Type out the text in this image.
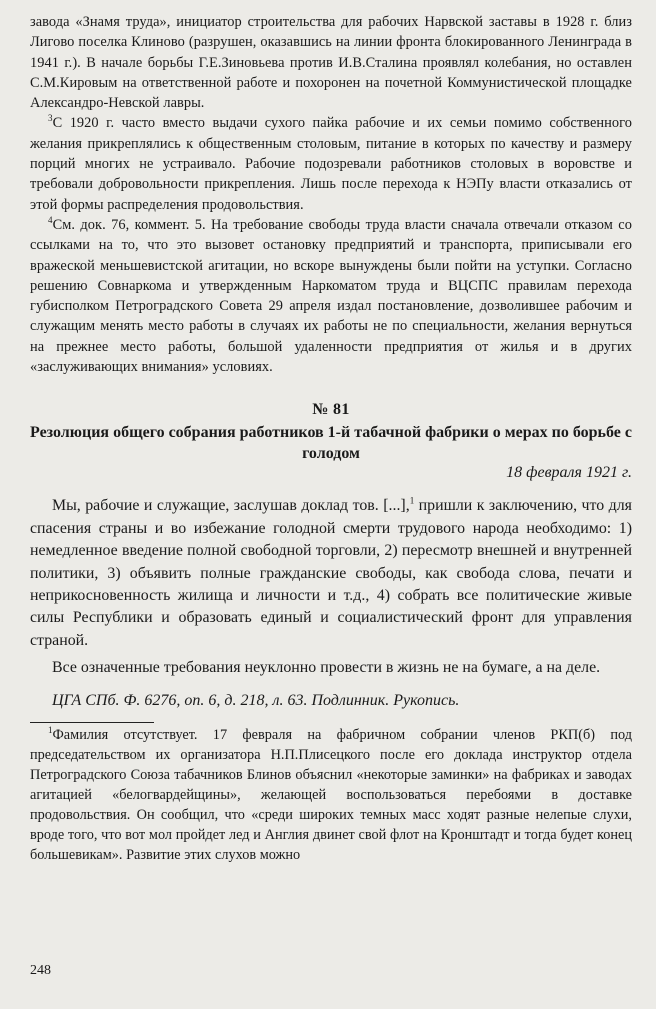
завода «Знамя труда», инициатор строительства для рабочих Нарвской заставы в 1928 г. близ Лигово поселка Клиново (разрушен, оказавшись на линии фронта блокированного Ленинграда в 1941 г.). В начале борьбы Г.Е.Зиновьева против И.В.Сталина проявлял колебания, но оставлен С.М.Кировым на ответственной работе и похоронен на почетной Коммунистической площадке Александро-Невской лавры.

$^3$С 1920 г. часто вместо выдачи сухого пайка рабочие и их семьи помимо собственного желания прикреплялись к общественным столовым, питание в которых по качеству и размеру порций многих не устраивало. Рабочие подозревали работников столовых в воровстве и требовали добровольности прикрепления. Лишь после перехода к НЭПу власти отказались от этой формы распределения продовольствия.

$^4$См. док. 76, коммент. 5. На требование свободы труда власти сначала отвечали отказом со ссылками на то, что это вызовет остановку предприятий и транспорта, приписывали его вражеской меньшевистской агитации, но вскоре вынуждены были пойти на уступки. Согласно решению Совнаркома и утвержденным Наркоматом труда и ВЦСПС правилам перехода губисполком Петроградского Совета 29 апреля издал постановление, дозволившее рабочим и служащим менять место работы в случаях их работы не по специальности, желания вернуться на прежнее место работы, большой удаленности предприятия от жилья и в других «заслуживающих внимания» условиях.

№ 81
Резолюция общего собрания работников 1-й табачной фабрики о мерах по борьбе с голодом
18 февраля 1921 г.

Мы, рабочие и служащие, заслушав доклад тов. [...],$^1$ пришли к заключению, что для спасения страны и во избежание голодной смерти трудового народа необходимо: 1) немедленное введение полной свободной торговли, 2) пересмотр внешней и внутренней политики, 3) объявить полные гражданские свободы, как свобода слова, печати и неприкосновенность жилища и личности и т.д., 4) собрать все политические живые силы Республики и образовать единый и социалистический фронт для управления страной.

Все означенные требования неуклонно провести в жизнь не на бумаге, а на деле.

ЦГА СПб. Ф. 6276, оп. 6, д. 218, л. 63. Подлинник. Рукопись.

$^1$Фамилия отсутствует. 17 февраля на фабричном собрании членов РКП(б) под председательством их организатора Н.П.Плисецкого после его доклада инструктор отдела Петроградского Союза табачников Блинов объяснил «некоторые заминки» на фабриках и заводах агитацией «белогвардейщины», желающей воспользоваться перебоями в доставке продовольствия. Он сообщил, что «среди широких темных масс ходят разные нелепые слухи, вроде того, что вот мол пройдет лед и Англия двинет свой флот на Кронштадт и тогда будет конец большевикам». Развитие этих слухов можно

248
